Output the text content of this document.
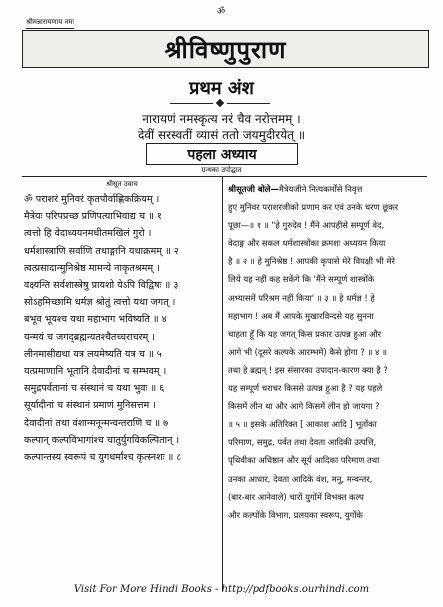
ॐ
श्रीमन्नारायणाय नमः
श्रीविष्णुपुराण
प्रथम अंश
नारायणं नमस्कृत्य नरं चैव नरोत्तमम् ।
देवीं सरस्वतीं व्यासं ततो जयमुदीरयेत् ॥
पहला अध्याय
ग्रन्थका उपोद्घात
श्रीसूत उवाच
ॐ पराशरं मुनिवरं कृतपौर्वाह्णिकक्रियम् ।
मैत्रेयः परिपप्रच्छ प्रणिपत्याभिवाद्य च ॥ १
त्वत्तो हि वेदाध्ययनमधीतमखिलं गुरो ।
धर्मशास्त्राणि सर्वाणि तथाङ्गानि यथाक्रमम् ॥ २
त्वत्प्रसादान्मुनिश्रेष्ठ मामन्ये नाकृतश्रमम् ।
वक्ष्यन्ति सर्वशास्त्रेषु प्रायशो येऽपि विद्विषः ॥ ३
सोऽहमिच्छामि धर्मज्ञ श्रोतुं त्वत्तो यथा जगत् ।
बभूव भूयश्च यथा महाभाग भविष्यति ॥ ४
यन्मयं च जगद्ब्रह्मन्यतश्चैतच्चराचरम् ।
लीनमासीद्यथा यत्र लयमेष्यति यत्र च ॥ ५
यत्प्रमाणानि भूतानि देवादीनां च सम्भवम् ।
समुद्रपर्वतानां च संस्थानं च यथा भुवः ॥ ६
सूर्यादीनां च संस्थानं प्रमाणं मुनिसत्तम ।
देवादीनां तथा वंशान्मनून्मन्वन्तराणि च ॥ ७
कल्पान् कल्पविभागांश्च चातुर्युगविकल्पितान् ।
कल्पान्तस्य स्वरूपं च युगधर्मांश्च कृत्स्नशः ॥ ८
श्रीसूतजी बोले—मैत्रेयजीने नित्यकर्मोंसे निवृत्त
हुए मुनिवर पराशरजीको प्रणाम कर एवं उनके चरण छूकर
पूछा—॥ १ ॥ "हे गुरुदेव ! मैंने आपहीसे सम्पूर्ण वेद,
वेदाङ्ग और सकल धर्मशास्त्रोंका क्रमशः अध्ययन किया
है ॥ २ ॥ हे मुनिश्रेष्ठ ! आपकी कृपासे मेरे विपक्षी भी मेरे
लिये यह नहीं कह सकेंगे कि 'मैंने सम्पूर्ण शास्त्रोंके
अभ्यासमें परिश्रम नहीं किया' ॥ ३ ॥ हे धर्मज्ञ ! हे
महाभाग ! अब मैं आपके मुखारविन्दसे यह सुनना
चाहता हूँ कि यह जगत् किस प्रकार उत्पन्न हुआ और
आगे भी (दूसरे कल्पके आरम्भमें) कैसे होगा ? ॥ ४ ॥
तथा हे ब्रह्मन् ! इस संसारका उपादान-कारण क्या है ?
यह सम्पूर्ण चराचर किससे उत्पन्न हुआ है ? यह पहले
किसमें लीन था और आगे किसमें लीन हो जायगा ?
॥ ५ ॥ इसके अतिरिक्त [ आकाश आदि ] भूतोंका
परिमाण, समुद्र, पर्वत तथा देवता आदिकी उत्पत्ति,
पृथिवीका अधिष्ठान और सूर्य आदिका परिमाण तथा
उनका आधार, देवता आदिके वंश, मनु, मन्वन्तर,
(बार-बार आनेवाले) चारों युगोंमें विभक्त कल्प
और कल्पोंके विभाग, प्रलयका स्वरूप, युगोंके
Visit For More Hindi Books - http://pdfbooks.ourhindi.com
